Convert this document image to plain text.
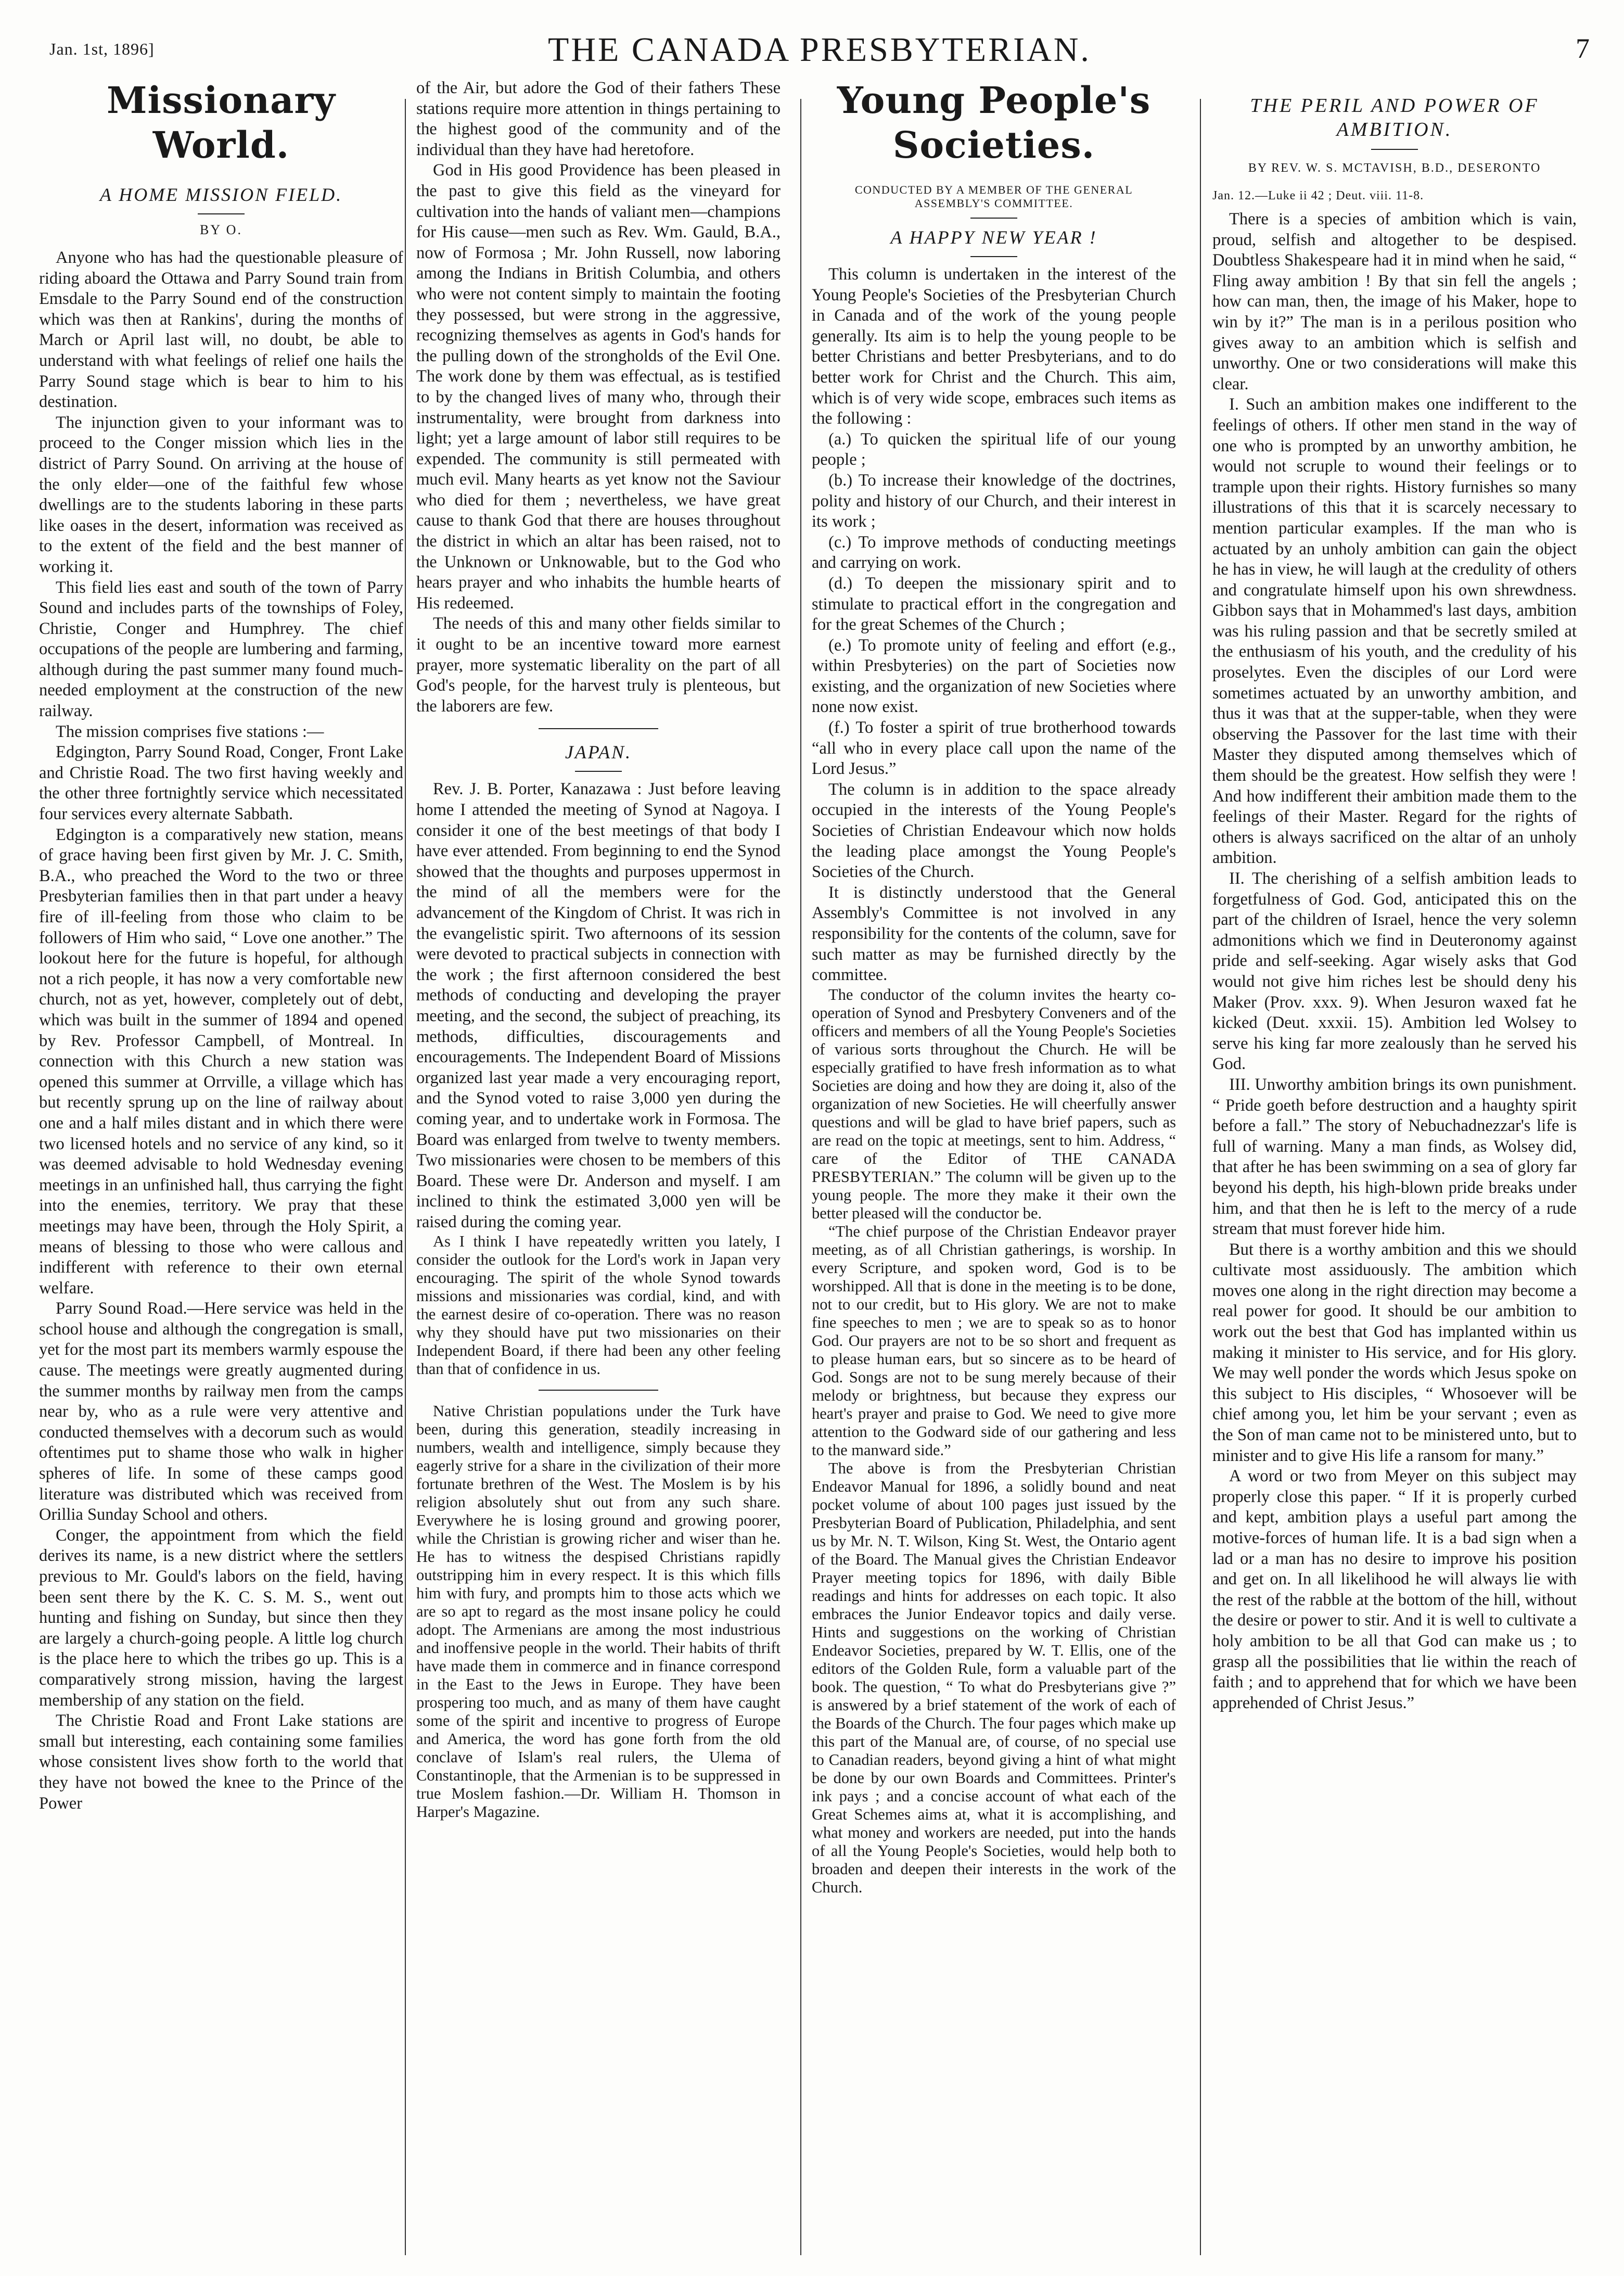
Jan. 1st, 1896]	THE CANADA PRESBYTERIAN.	7
Missionary World.

A HOME MISSION FIELD.

BY O.

Anyone who has had the questionable pleasure of riding aboard the Ottawa and Parry Sound train from Emsdale to the Parry Sound end of the construction which was then at Rankins', during the months of March or April last will, no doubt, be able to understand with what feelings of relief one hails the Parry Sound stage which is bear to him to his destination.

The injunction given to your informant was to proceed to the Conger mission which lies in the district of Parry Sound. On arriving at the house of the only elder—one of the faithful few whose dwellings are to the students laboring in these parts like oases in the desert, information was received as to the extent of the field and the best manner of working it.

This field lies east and south of the town of Parry Sound and includes parts of the townships of Foley, Christie, Conger and Humphrey. The chief occupations of the people are lumbering and farming, although during the past summer many found much-needed employment at the construction of the new railway.

The mission comprises five stations :—

Edgington, Parry Sound Road, Conger, Front Lake and Christie Road. The two first having weekly and the other three fortnightly service which necessitated four services every alternate Sabbath.

Edgington is a comparatively new station, means of grace having been first given by Mr. J. C. Smith, B.A., who preached the Word to the two or three Presbyterian families then in that part under a heavy fire of ill-feeling from those who claim to be followers of Him who said, “ Love one another.” The lookout here for the future is hopeful, for although not a rich people, it has now a very comfortable new church, not as yet, however, completely out of debt, which was built in the summer of 1894 and opened by Rev. Professor Campbell, of Montreal. In connection with this Church a new station was opened this summer at Orrville, a village which has but recently sprung up on the line of railway about one and a half miles distant and in which there were two licensed hotels and no service of any kind, so it was deemed advisable to hold Wednesday evening meetings in an unfinished hall, thus carrying the fight into the enemies, territory. We pray that these meetings may have been, through the Holy Spirit, a means of blessing to those who were callous and indifferent with reference to their own eternal welfare.

Parry Sound Road.—Here service was held in the school house and although the congregation is small, yet for the most part its members warmly espouse the cause. The meetings were greatly augmented during the summer months by railway men from the camps near by, who as a rule were very attentive and conducted themselves with a decorum such as would oftentimes put to shame those who walk in higher spheres of life. In some of these camps good literature was distributed which was received from Orillia Sunday School and others.

Conger, the appointment from which the field derives its name, is a new district where the settlers previous to Mr. Gould's labors on the field, having been sent there by the K. C. S. M. S., went out hunting and fishing on Sunday, but since then they are largely a church-going people. A little log church is the place here to which the tribes go up. This is a comparatively strong mission, having the largest membership of any station on the field.

The Christie Road and Front Lake stations are small but interesting, each containing some families whose consistent lives show forth to the world that they have not bowed the knee to the Prince of the Power

of the Air, but adore the God of their fathers These stations require more attention in things pertaining to the highest good of the community and of the individual than they have had heretofore.

God in His good Providence has been pleased in the past to give this field as the vineyard for cultivation into the hands of valiant men—champions for His cause—men such as Rev. Wm. Gauld, B.A., now of Formosa ; Mr. John Russell, now laboring among the Indians in British Columbia, and others who were not content simply to maintain the footing they possessed, but were strong in the aggressive, recognizing themselves as agents in God's hands for the pulling down of the strongholds of the Evil One. The work done by them was effectual, as is testified to by the changed lives of many who, through their instrumentality, were brought from darkness into light; yet a large amount of labor still requires to be expended. The community is still permeated with much evil. Many hearts as yet know not the Saviour who died for them ; nevertheless, we have great cause to thank God that there are houses throughout the district in which an altar has been raised, not to the Unknown or Unknowable, but to the God who hears prayer and who inhabits the humble hearts of His redeemed.

The needs of this and many other fields similar to it ought to be an incentive toward more earnest prayer, more systematic liberality on the part of all God's people, for the harvest truly is plenteous, but the laborers are few.

JAPAN.

Rev. J. B. Porter, Kanazawa : Just before leaving home I attended the meeting of Synod at Nagoya. I consider it one of the best meetings of that body I have ever attended. From beginning to end the Synod showed that the thoughts and purposes uppermost in the mind of all the members were for the advancement of the Kingdom of Christ. It was rich in the evangelistic spirit. Two afternoons of its session were devoted to practical subjects in connection with the work ; the first afternoon considered the best methods of conducting and developing the prayer meeting, and the second, the subject of preaching, its methods, difficulties, discouragements and encouragements. The Independent Board of Missions organized last year made a very encouraging report, and the Synod voted to raise 3,000 yen during the coming year, and to undertake work in Formosa. The Board was enlarged from twelve to twenty members. Two missionaries were chosen to be members of this Board. These were Dr. Anderson and myself. I am inclined to think the estimated 3,000 yen will be raised during the coming year.

As I think I have repeatedly written you lately, I consider the outlook for the Lord's work in Japan very encouraging. The spirit of the whole Synod towards missions and missionaries was cordial, kind, and with the earnest desire of co-operation. There was no reason why they should have put two missionaries on their Independent Board, if there had been any other feeling than that of confidence in us.

Native Christian populations under the Turk have been, during this generation, steadily increasing in numbers, wealth and intelligence, simply because they eagerly strive for a share in the civilization of their more fortunate brethren of the West. The Moslem is by his religion absolutely shut out from any such share. Everywhere he is losing ground and growing poorer, while the Christian is growing richer and wiser than he. He has to witness the despised Christians rapidly outstripping him in every respect. It is this which fills him with fury, and prompts him to those acts which we are so apt to regard as the most insane policy he could adopt. The Armenians are among the most industrious and inoffensive people in the world. Their habits of thrift have made them in commerce and in finance correspond in the East to the Jews in Europe. They have been prospering too much, and as many of them have caught some of the spirit and incentive to progress of Europe and America, the word has gone forth from the old conclave of Islam's real rulers, the Ulema of Constantinople, that the Armenian is to be suppressed in true Moslem fashion.—Dr. William H. Thomson in Harper's Magazine.

Young People's Societies.

CONDUCTED BY A MEMBER OF THE GENERAL ASSEMBLY'S COMMITTEE.

A HAPPY NEW YEAR !

This column is undertaken in the interest of the Young People's Societies of the Presbyterian Church in Canada and of the work of the young people generally. Its aim is to help the young people to be better Christians and better Presbyterians, and to do better work for Christ and the Church. This aim, which is of very wide scope, embraces such items as the following :

(a.) To quicken the spiritual life of our young people ;

(b.) To increase their knowledge of the doctrines, polity and history of our Church, and their interest in its work ;

(c.) To improve methods of conducting meetings and carrying on work.

(d.) To deepen the missionary spirit and to stimulate to practical effort in the congregation and for the great Schemes of the Church ;

(e.) To promote unity of feeling and effort (e.g., within Presbyteries) on the part of Societies now existing, and the organization of new Societies where none now exist.

(f.) To foster a spirit of true brotherhood towards “all who in every place call upon the name of the Lord Jesus.”

The column is in addition to the space already occupied in the interests of the Young People's Societies of Christian Endeavour which now holds the leading place amongst the Young People's Societies of the Church.

It is distinctly understood that the General Assembly's Committee is not involved in any responsibility for the contents of the column, save for such matter as may be furnished directly by the committee.

The conductor of the column invites the hearty co-operation of Synod and Presbytery Conveners and of the officers and members of all the Young People's Societies of various sorts throughout the Church. He will be especially gratified to have fresh information as to what Societies are doing and how they are doing it, also of the organization of new Societies. He will cheerfully answer questions and will be glad to have brief papers, such as are read on the topic at meetings, sent to him. Address, “ care of the Editor of THE CANADA PRESBYTERIAN.” The column will be given up to the young people. The more they make it their own the better pleased will the conductor be.

“The chief purpose of the Christian Endeavor prayer meeting, as of all Christian gatherings, is worship. In every Scripture, and spoken word, God is to be worshipped. All that is done in the meeting is to be done, not to our credit, but to His glory. We are not to make fine speeches to men ; we are to speak so as to honor God. Our prayers are not to be so short and frequent as to please human ears, but so sincere as to be heard of God. Songs are not to be sung merely because of their melody or brightness, but because they express our heart's prayer and praise to God. We need to give more attention to the Godward side of our gathering and less to the manward side.”

The above is from the Presbyterian Christian Endeavor Manual for 1896, a solidly bound and neat pocket volume of about 100 pages just issued by the Presbyterian Board of Publication, Philadelphia, and sent us by Mr. N. T. Wilson, King St. West, the Ontario agent of the Board. The Manual gives the Christian Endeavor Prayer meeting topics for 1896, with daily Bible readings and hints for addresses on each topic. It also embraces the Junior Endeavor topics and daily verse. Hints and suggestions on the working of Christian Endeavor Societies, prepared by W. T. Ellis, one of the editors of the Golden Rule, form a valuable part of the book. The question, “ To what do Presbyterians give ?” is answered by a brief statement of the work of each of the Boards of the Church. The four pages which make up this part of the Manual are, of course, of no special use to Canadian readers, beyond giving a hint of what might be done by our own Boards and Committees. Printer's ink pays ; and a concise account of what each of the Great Schemes aims at, what it is accomplishing, and what money and workers are needed, put into the hands of all the Young People's Societies, would help both to broaden and deepen their interests in the work of the Church.

THE PERIL AND POWER OF

AMBITION.

BY REV. W. S. MCTAVISH, B.D., DESERONTO

Jan. 12.—Luke ii 42 ; Deut. viii. 11-8.

There is a species of ambition which is vain, proud, selfish and altogether to be despised. Doubtless Shakespeare had it in mind when he said, “ Fling away ambition ! By that sin fell the angels ; how can man, then, the image of his Maker, hope to win by it?” The man is in a perilous position who gives away to an ambition which is selfish and unworthy. One or two considerations will make this clear.

I. Such an ambition makes one indifferent to the feelings of others. If other men stand in the way of one who is prompted by an unworthy ambition, he would not scruple to wound their feelings or to trample upon their rights. History furnishes so many illustrations of this that it is scarcely necessary to mention particular examples. If the man who is actuated by an unholy ambition can gain the object he has in view, he will laugh at the credulity of others and congratulate himself upon his own shrewdness. Gibbon says that in Mohammed's last days, ambition was his ruling passion and that be secretly smiled at the enthusiasm of his youth, and the credulity of his proselytes. Even the disciples of our Lord were sometimes actuated by an unworthy ambition, and thus it was that at the supper-table, when they were observing the Passover for the last time with their Master they disputed among themselves which of them should be the greatest. How selfish they were ! And how indifferent their ambition made them to the feelings of their Master. Regard for the rights of others is always sacrificed on the altar of an unholy ambition.

II. The cherishing of a selfish ambition leads to forgetfulness of God. God, anticipated this on the part of the children of Israel, hence the very solemn admonitions which we find in Deuteronomy against pride and self-seeking. Agar wisely asks that God would not give him riches lest be should deny his Maker (Prov. xxx. 9). When Jesuron waxed fat he kicked (Deut. xxxii. 15). Ambition led Wolsey to serve his king far more zealously than he served his God.

III. Unworthy ambition brings its own punishment. “ Pride goeth before destruction and a haughty spirit before a fall.” The story of Nebuchadnezzar's life is full of warning. Many a man finds, as Wolsey did, that after he has been swimming on a sea of glory far beyond his depth, his high-blown pride breaks under him, and that then he is left to the mercy of a rude stream that must forever hide him.

But there is a worthy ambition and this we should cultivate most assiduously. The ambition which moves one along in the right direction may become a real power for good. It should be our ambition to work out the best that God has implanted within us making it minister to His service, and for His glory. We may well ponder the words which Jesus spoke on this subject to His disciples, “ Whosoever will be chief among you, let him be your servant ; even as the Son of man came not to be ministered unto, but to minister and to give His life a ransom for many.”

A word or two from Meyer on this subject may properly close this paper. “ If it is properly curbed and kept, ambition plays a useful part among the motive-forces of human life. It is a bad sign when a lad or a man has no desire to improve his position and get on. In all likelihood he will always lie with the rest of the rabble at the bottom of the hill, without the desire or power to stir. And it is well to cultivate a holy ambition to be all that God can make us ; to grasp all the possibilities that lie within the reach of faith ; and to apprehend that for which we have been apprehended of Christ Jesus.”
